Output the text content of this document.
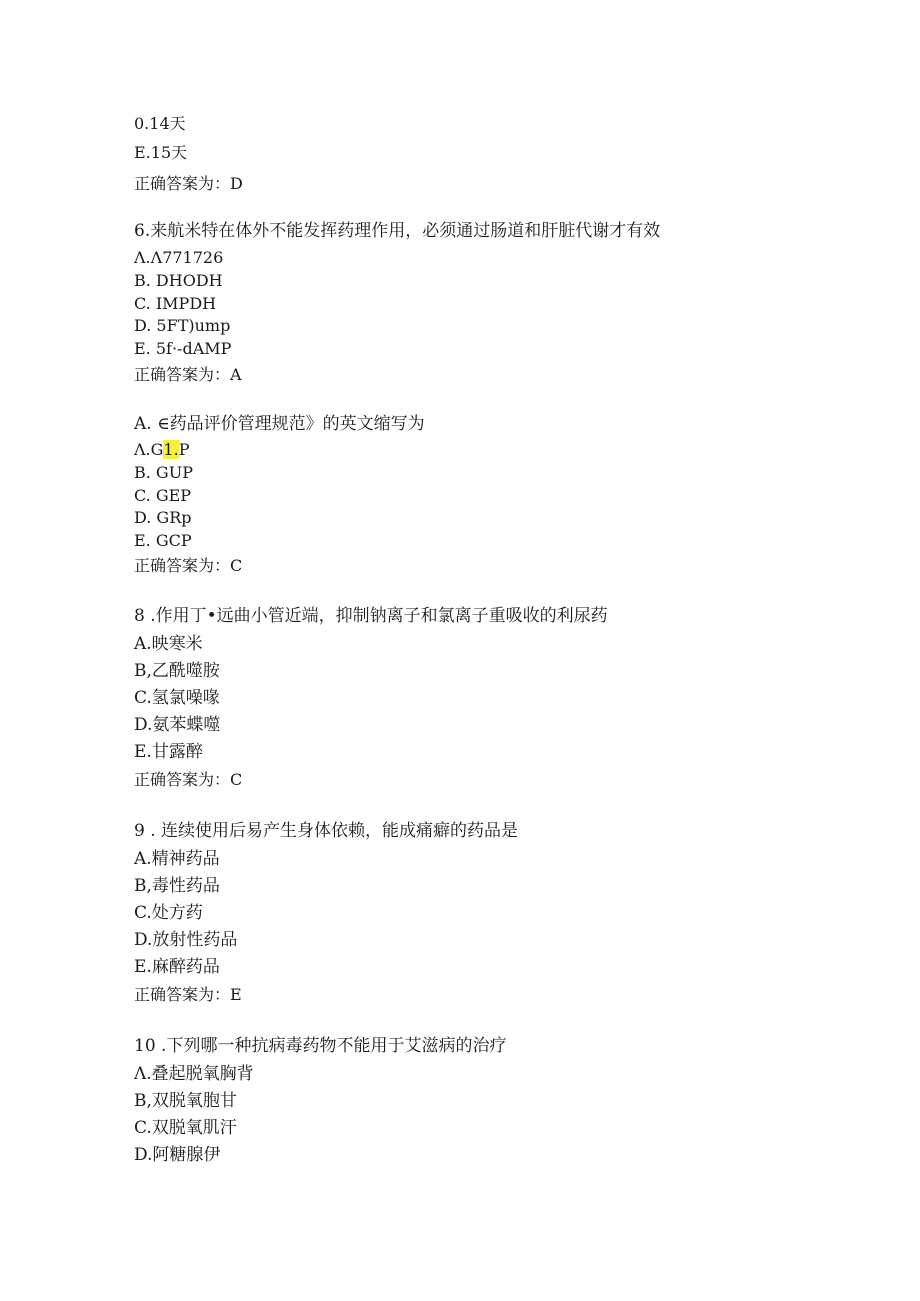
0.14天
E.15天
正确答案为：D
6.来航米特在体外不能发挥药理作用，必须通过肠道和肝脏代谢才有效
Λ.Λ771726
B. DHODH
C. IMPDH
D. 5FT)ump
E. 5f·-dAMP
正确答案为：A
A. ∈药品评价管理规范》的英文缩写为
Λ.G1.P
B. GUP
C. GEP
D. GRp
E. GCP
正确答案为：C
8 .作用丁•远曲小管近端，抑制钠离子和氯离子重吸收的利尿药
A.映寒米
B,乙酰噬胺
C.氢氯噪喙
D.氨苯蝶噬
E.甘露醉
正确答案为：C
9 . 连续使用后易产生身体依赖，能成痛癖的药品是
A.精神药品
B,毒性药品
C.处方药
D.放射性药品
E.麻醉药品
正确答案为：E
10 .下列哪一种抗病毒药物不能用于艾滋病的治疗
Λ.叠起脱氧胸背
B,双脱氧胞甘
C.双脱氧肌汗
D.阿糖腺伊
